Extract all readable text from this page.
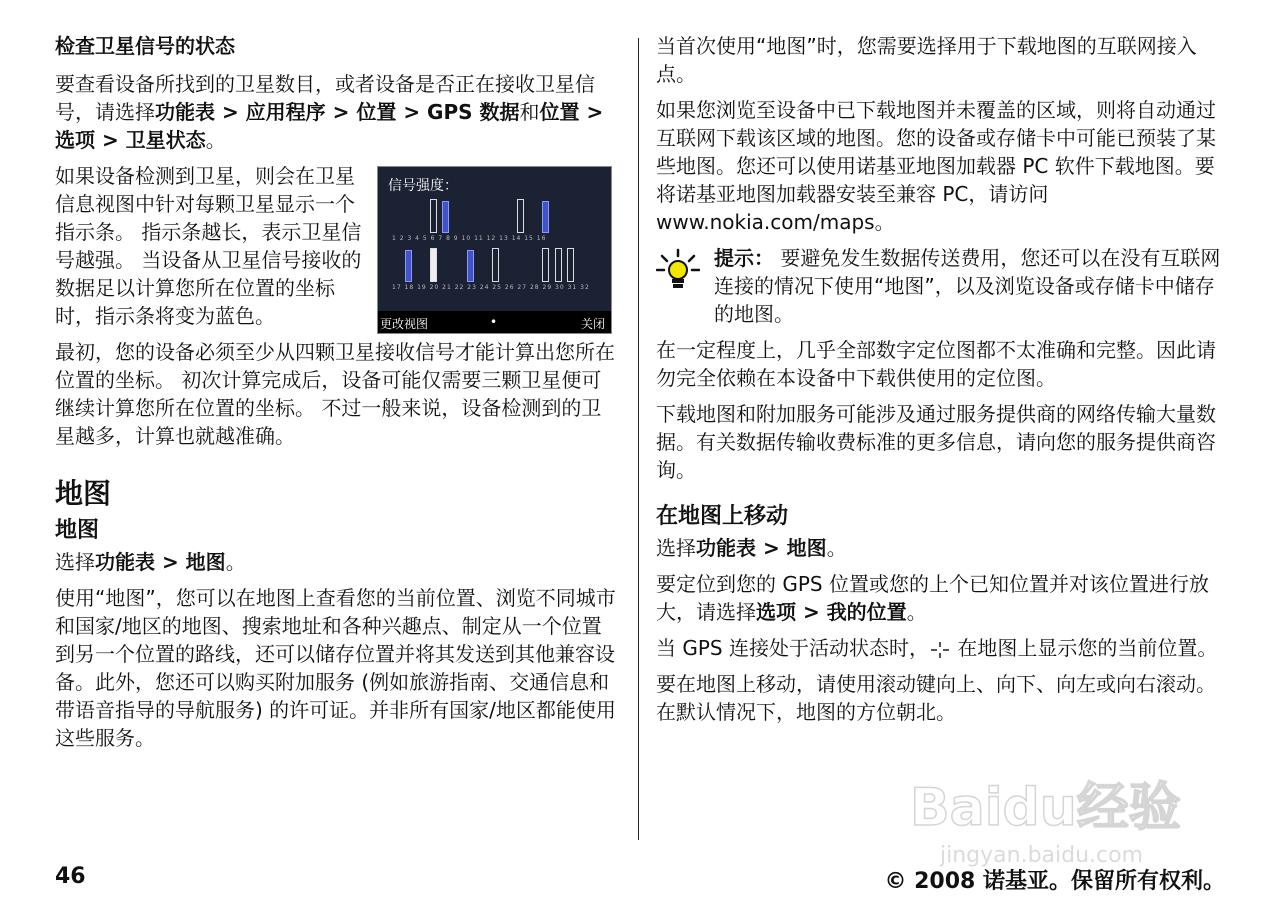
检查卫星信号的状态

要查看设备所找到的卫星数目，或者设备是否正在接收卫星信号，请选择功能表 > 应用程序 > 位置 > GPS 数据和位置 > 选项 > 卫星状态。

如果设备检测到卫星，则会在卫星信息视图中针对每颗卫星显示一个指示条。 指示条越长，表示卫星信号越强。 当设备从卫星信号接收的数据足以计算您所在位置的坐标时，指示条将变为蓝色。

信号强度：
1 2 3 4 5 6 7 8 9 10 11 12 13 14 15 16
17 18 19 20 21 22 23 24 25 26 27 28 29 30 31 32
更改视图	•	关闭

最初，您的设备必须至少从四颗卫星接收信号才能计算出您所在位置的坐标。 初次计算完成后，设备可能仅需要三颗卫星便可继续计算您所在位置的坐标。 不过一般来说，设备检测到的卫星越多，计算也就越准确。

地图
地图

选择功能表 > 地图。

使用“地图”，您可以在地图上查看您的当前位置、浏览不同城市和国家/地区的地图、搜索地址和各种兴趣点、制定从一个位置到另一个位置的路线，还可以储存位置并将其发送到其他兼容设备。此外，您还可以购买附加服务 (例如旅游指南、交通信息和带语音指导的导航服务) 的许可证。并非所有国家/地区都能使用这些服务。

当首次使用“地图”时，您需要选择用于下载地图的互联网接入点。

如果您浏览至设备中已下载地图并未覆盖的区域，则将自动通过互联网下载该区域的地图。您的设备或存储卡中可能已预装了某些地图。您还可以使用诺基亚地图加载器 PC 软件下载地图。要将诺基亚地图加载器安装至兼容 PC，请访问 www.nokia.com/maps。

提示： 要避免发生数据传送费用，您还可以在没有互联网连接的情况下使用“地图”，以及浏览设备或存储卡中储存的地图。

在一定程度上，几乎全部数字定位图都不太准确和完整。因此请勿完全依赖在本设备中下载供使用的定位图。

下载地图和附加服务可能涉及通过服务提供商的网络传输大量数据。有关数据传输收费标准的更多信息，请向您的服务提供商咨询。

在地图上移动

选择功能表 > 地图。

要定位到您的 GPS 位置或您的上个已知位置并对该位置进行放大，请选择选项 > 我的位置。

当 GPS 连接处于活动状态时， 在地图上显示您的当前位置。

要在地图上移动，请使用滚动键向上、向下、向左或向右滚动。在默认情况下，地图的方位朝北。

Baidu经验
jingyan.baidu.com
46	© 2008 诺基亚。保留所有权利。
